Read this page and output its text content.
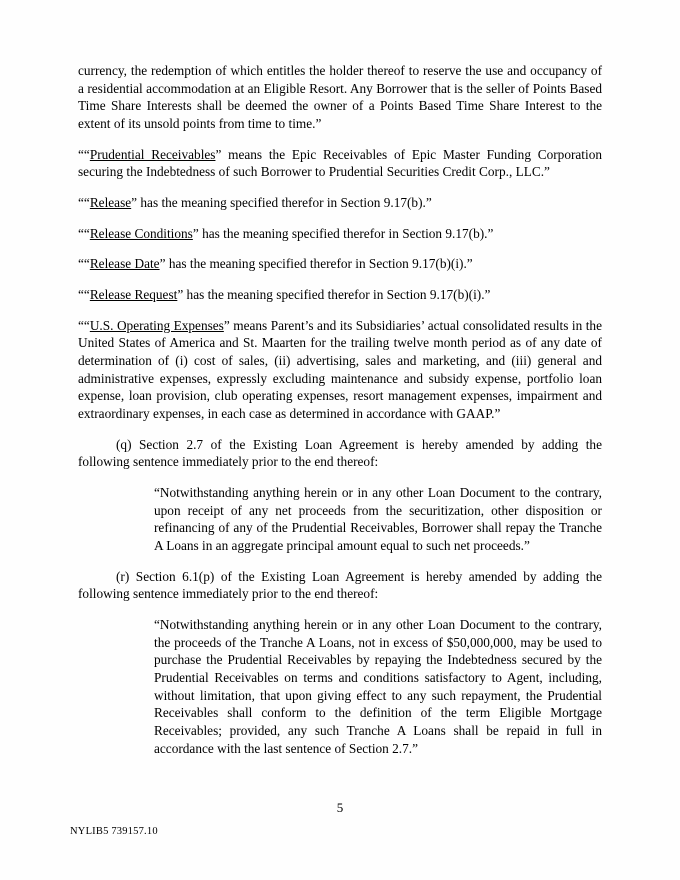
currency, the redemption of which entitles the holder thereof to reserve the use and occupancy of a residential accommodation at an Eligible Resort. Any Borrower that is the seller of Points Based Time Share Interests shall be deemed the owner of a Points Based Time Share Interest to the extent of its unsold points from time to time.”

““Prudential Receivables” means the Epic Receivables of Epic Master Funding Corporation securing the Indebtedness of such Borrower to Prudential Securities Credit Corp., LLC.”

““Release” has the meaning specified therefor in Section 9.17(b).”

““Release Conditions” has the meaning specified therefor in Section 9.17(b).”

““Release Date” has the meaning specified therefor in Section 9.17(b)(i).”

““Release Request” has the meaning specified therefor in Section 9.17(b)(i).”

““U.S. Operating Expenses” means Parent’s and its Subsidiaries’ actual consolidated results in the United States of America and St. Maarten for the trailing twelve month period as of any date of determination of (i) cost of sales, (ii) advertising, sales and marketing, and (iii) general and administrative expenses, expressly excluding maintenance and subsidy expense, portfolio loan expense, loan provision, club operating expenses, resort management expenses, impairment and extraordinary expenses, in each case as determined in accordance with GAAP.”

(q) Section 2.7 of the Existing Loan Agreement is hereby amended by adding the following sentence immediately prior to the end thereof:

“Notwithstanding anything herein or in any other Loan Document to the contrary, upon receipt of any net proceeds from the securitization, other disposition or refinancing of any of the Prudential Receivables, Borrower shall repay the Tranche A Loans in an aggregate principal amount equal to such net proceeds.”

(r) Section 6.1(p) of the Existing Loan Agreement is hereby amended by adding the following sentence immediately prior to the end thereof:

“Notwithstanding anything herein or in any other Loan Document to the contrary, the proceeds of the Tranche A Loans, not in excess of $50,000,000, may be used to purchase the Prudential Receivables by repaying the Indebtedness secured by the Prudential Receivables on terms and conditions satisfactory to Agent, including, without limitation, that upon giving effect to any such repayment, the Prudential Receivables shall conform to the definition of the term Eligible Mortgage Receivables; provided, any such Tranche A Loans shall be repaid in full in accordance with the last sentence of Section 2.7.”

5
NYLIB5 739157.10
